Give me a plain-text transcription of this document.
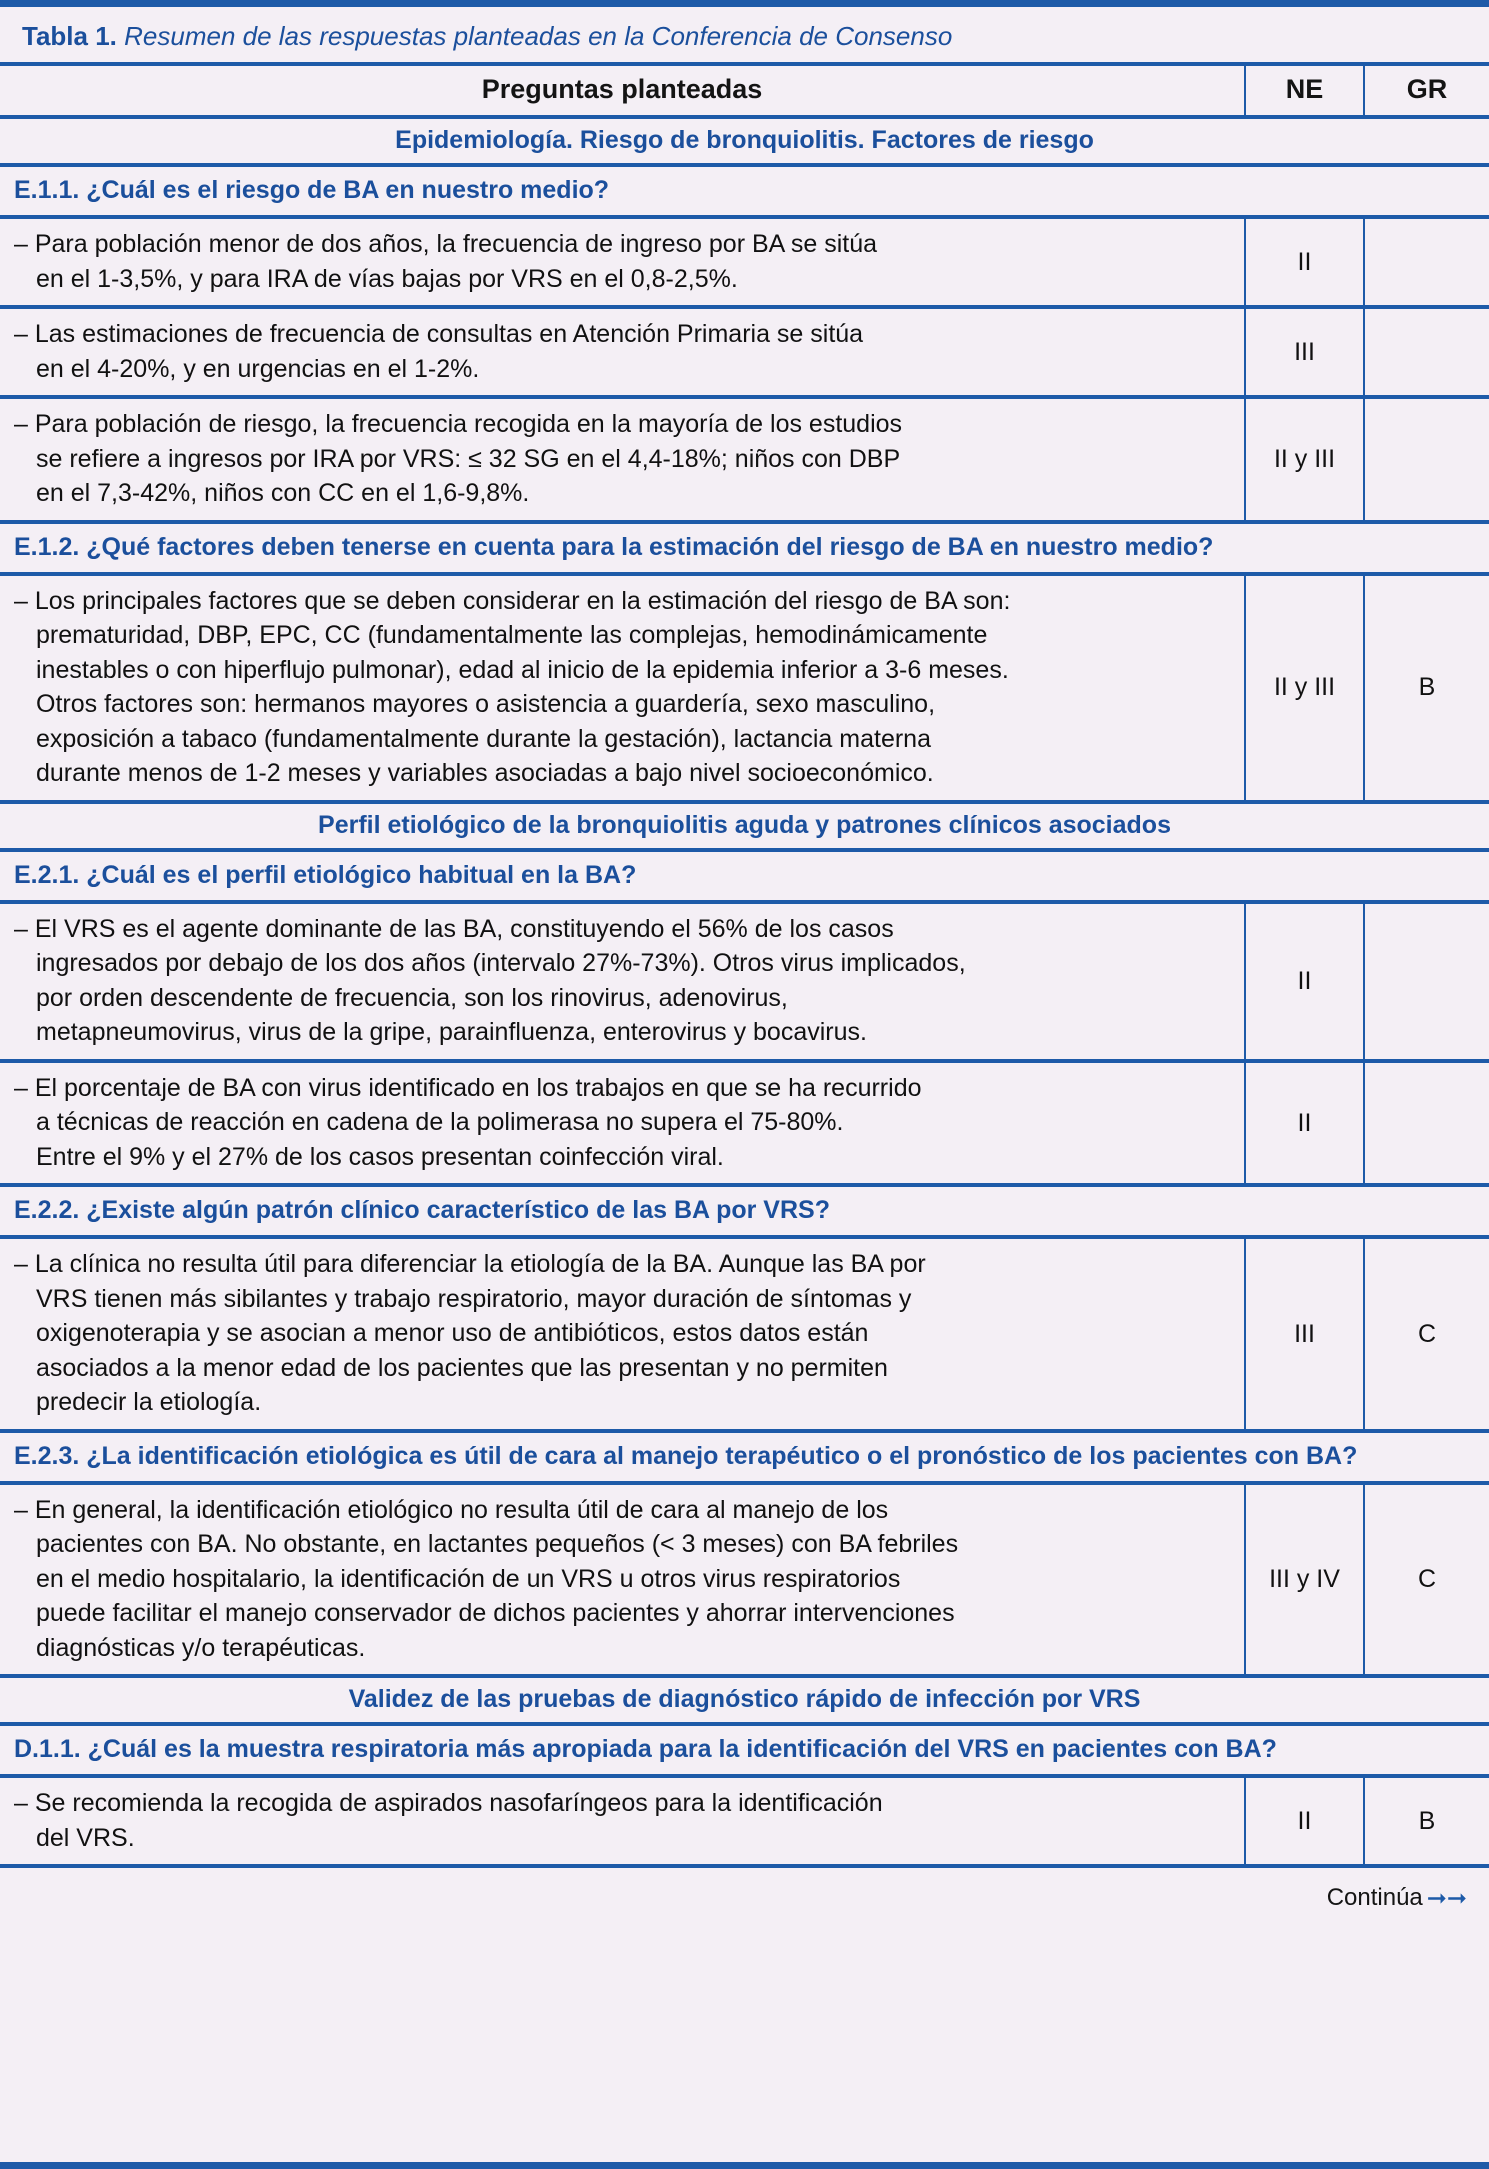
Tabla 1. Resumen de las respuestas planteadas en la Conferencia de Consenso
Preguntas planteadas	NE	GR
Epidemiología. Riesgo de bronquiolitis. Factores de riesgo		
E.1.1. ¿Cuál es el riesgo de BA en nuestro medio?		

– Para población menor de dos años, la frecuencia de ingreso por BA se sitúa
en el 1-3,5%, y para IRA de vías bajas por VRS en el 0,8-2,5%.	II	

– Las estimaciones de frecuencia de consultas en Atención Primaria se sitúa
en el 4-20%, y en urgencias en el 1-2%.	III	

– Para población de riesgo, la frecuencia recogida en la mayoría de los estudios
se refiere a ingresos por IRA por VRS: ≤ 32 SG en el 4,4-18%; niños con DBP
en el 7,3-42%, niños con CC en el 1,6-9,8%.	II y III	
E.1.2. ¿Qué factores deben tenerse en cuenta para la estimación del riesgo de BA en nuestro medio?		

– Los principales factores que se deben considerar en la estimación del riesgo de BA son:
prematuridad, DBP, EPC, CC (fundamentalmente las complejas, hemodinámicamente
inestables o con hiperflujo pulmonar), edad al inicio de la epidemia inferior a 3-6 meses.
Otros factores son: hermanos mayores o asistencia a guardería, sexo masculino,
exposición a tabaco (fundamentalmente durante la gestación), lactancia materna
durante menos de 1-2 meses y variables asociadas a bajo nivel socioeconómico.
	II y III	B
Perfil etiológico de la bronquiolitis aguda y patrones clínicos asociados		
E.2.1. ¿Cuál es el perfil etiológico habitual en la BA?		

– El VRS es el agente dominante de las BA, constituyendo el 56% de los casos
ingresados por debajo de los dos años (intervalo 27%-73%). Otros virus implicados,
por orden descendente de frecuencia, son los rinovirus, adenovirus,
metapneumovirus, virus de la gripe, parainfluenza, enterovirus y bocavirus.	II	

– El porcentaje de BA con virus identificado en los trabajos en que se ha recurrido
a técnicas de reacción en cadena de la polimerasa no supera el 75-80%.
Entre el 9% y el 27% de los casos presentan coinfección viral.	II	
E.2.2. ¿Existe algún patrón clínico característico de las BA por VRS?		

– La clínica no resulta útil para diferenciar la etiología de la BA. Aunque las BA por
VRS tienen más sibilantes y trabajo respiratorio, mayor duración de síntomas y
oxigenoterapia y se asocian a menor uso de antibióticos, estos datos están
asociados a la menor edad de los pacientes que las presentan y no permiten
predecir la etiología.	III	C
E.2.3. ¿La identificación etiológica es útil de cara al manejo terapéutico o el pronóstico de los pacientes con BA?		

– En general, la identificación etiológico no resulta útil de cara al manejo de los
pacientes con BA. No obstante, en lactantes pequeños (< 3 meses) con BA febriles
en el medio hospitalario, la identificación de un VRS u otros virus respiratorios
puede facilitar el manejo conservador de dichos pacientes y ahorrar intervenciones
diagnósticas y/o terapéuticas.	III y IV	C
Validez de las pruebas de diagnóstico rápido de infección por VRS		
D.1.1. ¿Cuál es la muestra respiratoria más apropiada para la identificación del VRS en pacientes con BA?		

– Se recomienda la recogida de aspirados nasofaríngeos para la identificación
del VRS.	II	B
Continúa ➞➞
